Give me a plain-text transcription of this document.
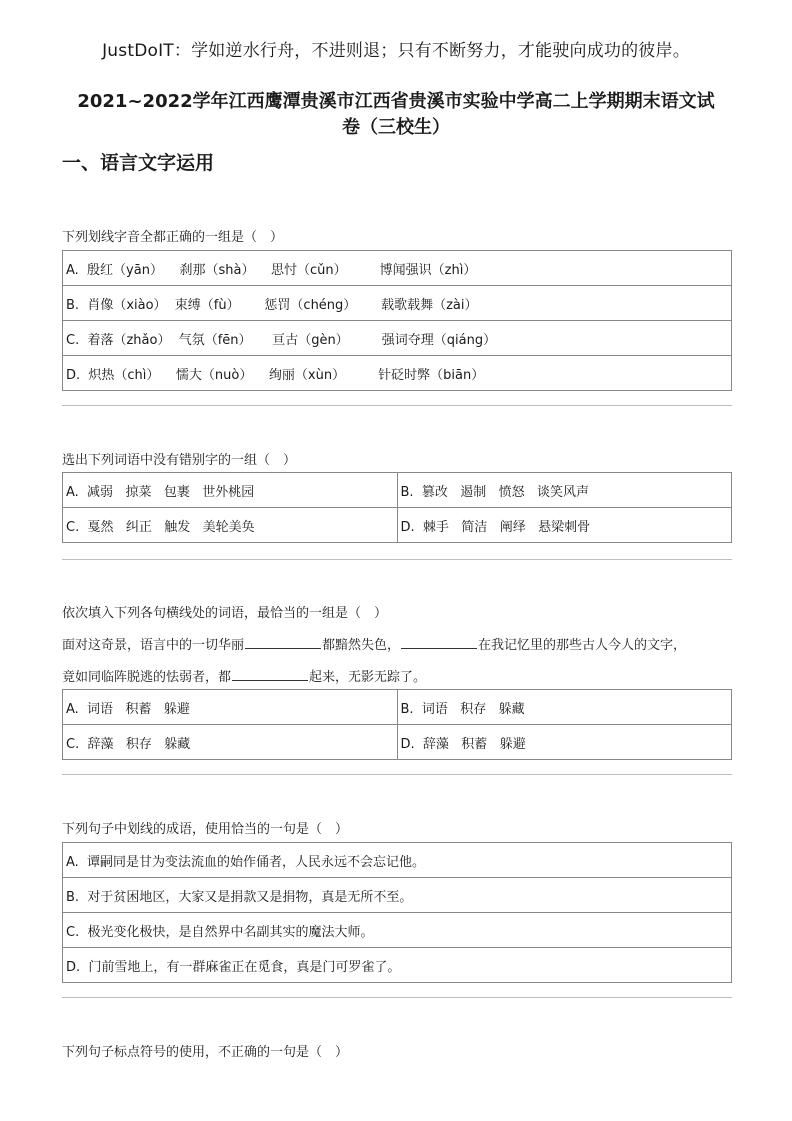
JustDoIT：学如逆水行舟，不进则退；只有不断努力，才能驶向成功的彼岸。
2021~2022学年江西鹰潭贵溪市江西省贵溪市实验中学高二上学期期末语文试
卷（三校生）
一、语言文字运用
下列划线字音全都正确的一组是（　）
A.  殷红（yān）    刹那（shà）    思忖（cǔn）        博闻强识（zhì）
B.  肖像（xiào）  束缚（fù）      惩罚（chéng）      载歌载舞（zài）
C.  着落（zhǎo）  气氛（fēn）     亘古（gèn）        强词夺理（qiáng）
D.  炽热（chì）    懦大（nuò）    绚丽（xùn）        针砭时弊（biān）
选出下列词语中没有错别字的一组（　）
A.  减弱   掠菜   包裹   世外桃园	B.  篡改   遏制   愤怒   谈笑风声
C.  戛然   纠正   触发   美轮美奂	D.  棘手   简洁   阐绎   悬梁刺骨
依次填入下列各句横线处的词语，最恰当的一组是（　）
面对这奇景，语言中的一切华丽	都黯然失色，	在我记忆里的那些古人今人的文字，
竟如同临阵脱逃的怯弱者，都	起来，无影无踪了。
A.  词语   积蓄   躲避	B.  词语   积存   躲藏
C.  辞藻   积存   躲藏	D.  辞藻   积蓄   躲避
下列句子中划线的成语，使用恰当的一句是（　）
A.  谭嗣同是甘为变法流血的始作俑者，人民永远不会忘记他。
B.  对于贫困地区，大家又是捐款又是捐物，真是无所不至。
C.  极光变化极快，是自然界中名副其实的魔法大师。
D.  门前雪地上，有一群麻雀正在觅食，真是门可罗雀了。
下列句子标点符号的使用，不正确的一句是（　）
